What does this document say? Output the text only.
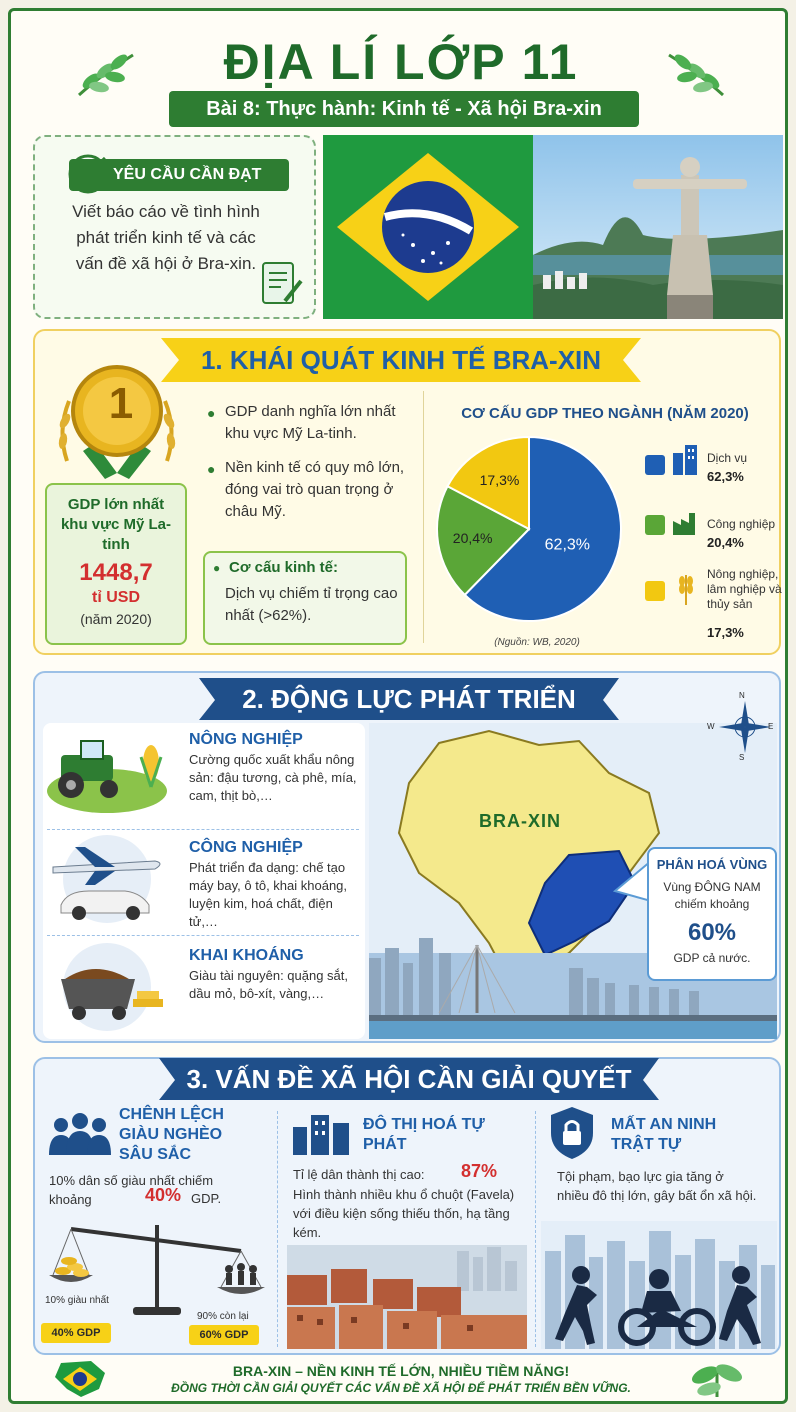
ĐỊA LÍ LỚP 11
Bài 8: Thực hành: Kinh tế - Xã hội Bra-xin
YÊU CẦU CẦN ĐẠT
Viết báo cáo về tình hình phát triển kinh tế và các vấn đề xã hội ở Bra-xin.
1. KHÁI QUÁT KINH TẾ BRA-XIN
1
GDP lớn nhất khu vực Mỹ La-tinh
1448,7
tỉ USD
(năm 2020)
● GDP danh nghĩa lớn nhất khu vực Mỹ La-tinh.
● Nền kinh tế có quy mô lớn, đóng vai trò quan trọng ở châu Mỹ.
● Cơ cấu kinh tế:
Dịch vụ chiếm tỉ trọng cao nhất (>62%).
CƠ CẤU GDP THEO NGÀNH (NĂM 2020)
62,3%
20,4%
17,3%
(Nguồn: WB, 2020)
Dịch vụ
62,3%
Công nghiệp
20,4%
Nông nghiệp, lâm nghiệp và thủy sản
17,3%
2. ĐỘNG LỰC PHÁT TRIỂN
NÔNG NGHIỆP
Cường quốc xuất khẩu nông sản: đậu tương, cà phê, mía, cam, thịt bò,…
CÔNG NGHIỆP
Phát triển đa dạng: chế tạo máy bay, ô tô, khai khoáng, luyện kim, hoá chất, điện tử,…
KHAI KHOÁNG
Giàu tài nguyên: quặng sắt, dầu mỏ, bô-xít, vàng,…
BRA-XIN
N
S
E
W
PHÂN HOÁ VÙNG
Vùng ĐÔNG NAM chiếm khoảng
60%
GDP cả nước.
3. VẤN ĐỀ XÃ HỘI CẦN GIẢI QUYẾT
CHÊNH LỆCH GIÀU NGHÈO SÂU SẮC
10% dân số giàu nhất chiếm khoảng	40% GDP.
10% giàu nhất
90% còn lại
40% GDP	60% GDP
ĐÔ THỊ HOÁ TỰ PHÁT
Tỉ lệ dân thành thị cao: 87%
Hình thành nhiều khu ổ chuột (Favela) với điều kiện sống thiếu thốn, hạ tầng kém.
MẤT AN NINH TRẬT TỰ
Tội phạm, bạo lực gia tăng ở nhiều đô thị lớn, gây bất ổn xã hội.
BRA-XIN – NỀN KINH TẾ LỚN, NHIỀU TIỀM NĂNG!
ĐỒNG THỜI CẦN GIẢI QUYẾT CÁC VẤN ĐỀ XÃ HỘI ĐỂ PHÁT TRIỂN BỀN VỮNG.
